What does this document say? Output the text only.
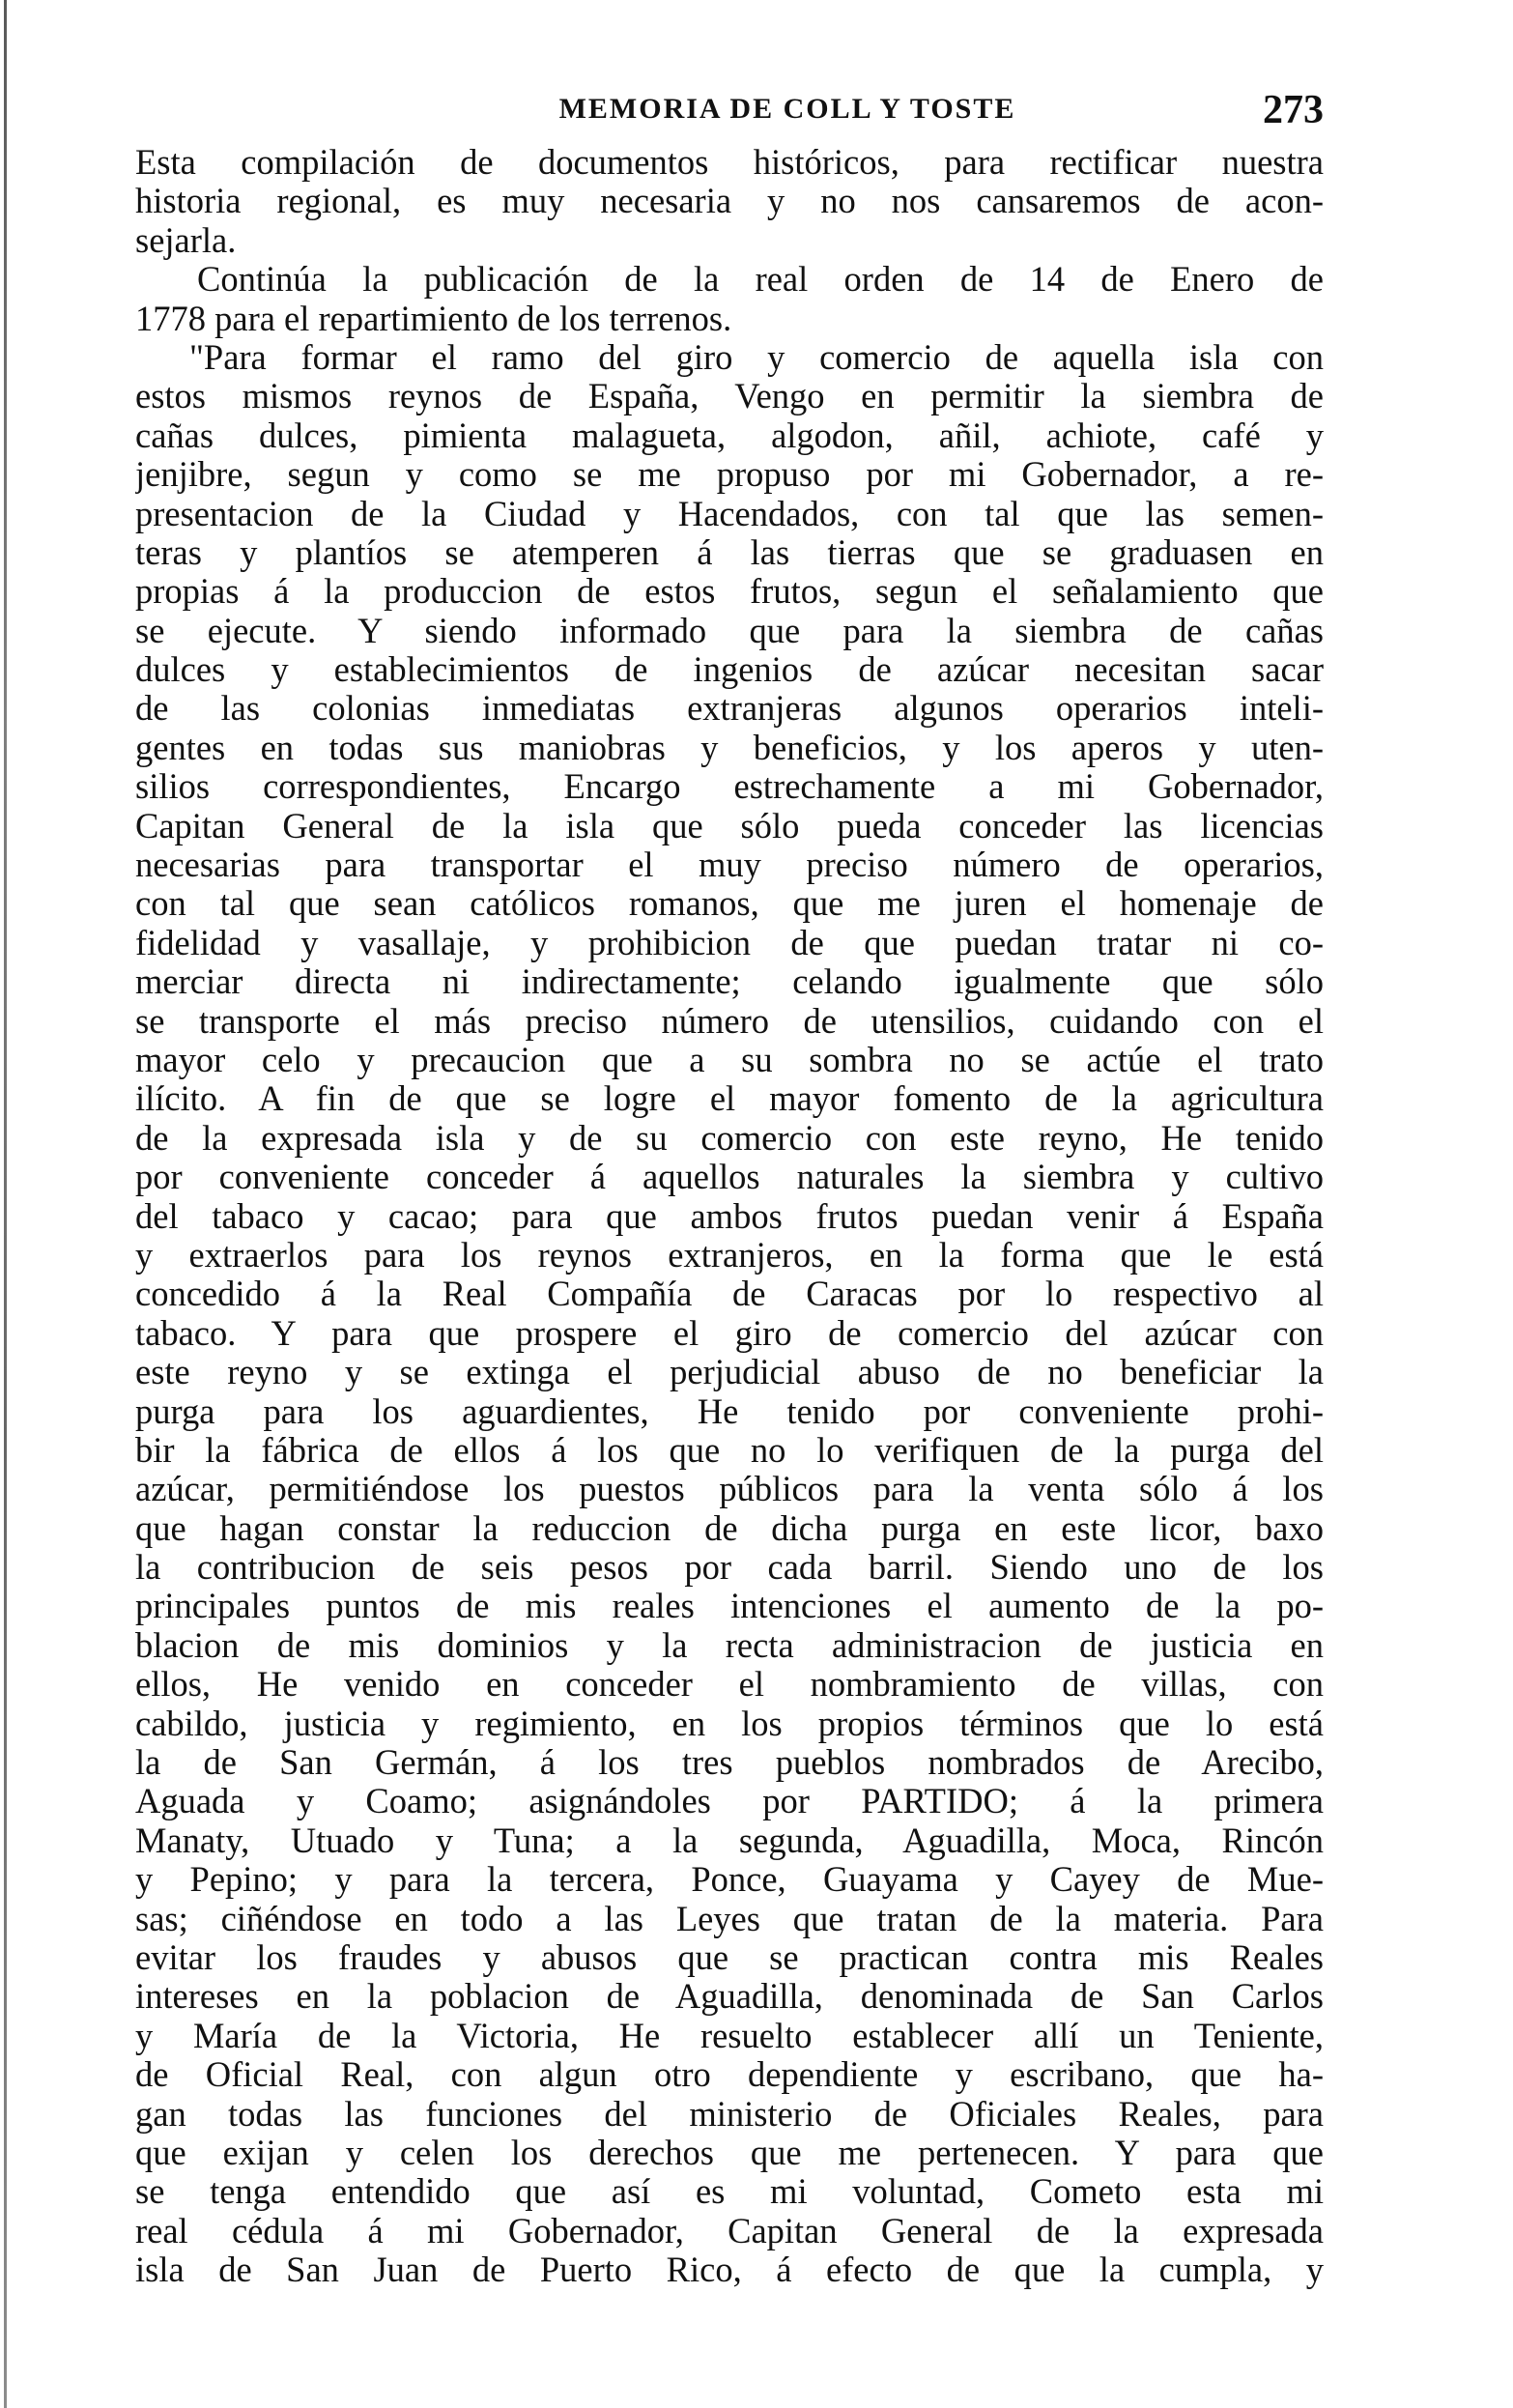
MEMORIA DE COLL Y TOSTE	273
Esta compilación de documentos históricos, para rectificar nuestra
historia regional, es muy necesaria y no nos cansaremos de acon-
sejarla.
Continúa la publicación de la real orden de 14 de Enero de
1778 para el repartimiento de los terrenos.
"Para formar el ramo del giro y comercio de aquella isla con
estos mismos reynos de España, Vengo en permitir la siembra de
cañas dulces, pimienta malagueta, algodon, añil, achiote, café y
jenjibre, segun y como se me propuso por mi Gobernador, a re-
presentacion de la Ciudad y Hacendados, con tal que las semen-
teras y plantíos se atemperen á las tierras que se graduasen en
propias á la produccion de estos frutos, segun el señalamiento que
se ejecute. Y siendo informado que para la siembra de cañas
dulces y establecimientos de ingenios de azúcar necesitan sacar
de las colonias inmediatas extranjeras algunos operarios inteli-
gentes en todas sus maniobras y beneficios, y los aperos y uten-
silios correspondientes, Encargo estrechamente a mi Gobernador,
Capitan General de la isla que sólo pueda conceder las licencias
necesarias para transportar el muy preciso número de operarios,
con tal que sean católicos romanos, que me juren el homenaje de
fidelidad y vasallaje, y prohibicion de que puedan tratar ni co-
merciar directa ni indirectamente; celando igualmente que sólo
se transporte el más preciso número de utensilios, cuidando con el
mayor celo y precaucion que a su sombra no se actúe el trato
ilícito. A fin de que se logre el mayor fomento de la agricultura
de la expresada isla y de su comercio con este reyno, He tenido
por conveniente conceder á aquellos naturales la siembra y cultivo
del tabaco y cacao; para que ambos frutos puedan venir á España
y extraerlos para los reynos extranjeros, en la forma que le está
concedido á la Real Compañía de Caracas por lo respectivo al
tabaco. Y para que prospere el giro de comercio del azúcar con
este reyno y se extinga el perjudicial abuso de no beneficiar la
purga para los aguardientes, He tenido por conveniente prohi-
bir la fábrica de ellos á los que no lo verifiquen de la purga del
azúcar, permitiéndose los puestos públicos para la venta sólo á los
que hagan constar la reduccion de dicha purga en este licor, baxo
la contribucion de seis pesos por cada barril. Siendo uno de los
principales puntos de mis reales intenciones el aumento de la po-
blacion de mis dominios y la recta administracion de justicia en
ellos, He venido en conceder el nombramiento de villas, con
cabildo, justicia y regimiento, en los propios términos que lo está
la de San Germán, á los tres pueblos nombrados de Arecibo,
Aguada y Coamo; asignándoles por PARTIDO; á la primera
Manaty, Utuado y Tuna; a la segunda, Aguadilla, Moca, Rincón
y Pepino; y para la tercera, Ponce, Guayama y Cayey de Mue-
sas; ciñéndose en todo a las Leyes que tratan de la materia. Para
evitar los fraudes y abusos que se practican contra mis Reales
intereses en la poblacion de Aguadilla, denominada de San Carlos
y María de la Victoria, He resuelto establecer allí un Teniente,
de Oficial Real, con algun otro dependiente y escribano, que ha-
gan todas las funciones del ministerio de Oficiales Reales, para
que exijan y celen los derechos que me pertenecen. Y para que
se tenga entendido que así es mi voluntad, Cometo esta mi
real cédula á mi Gobernador, Capitan General de la expresada
isla de San Juan de Puerto Rico, á efecto de que la cumpla, y
